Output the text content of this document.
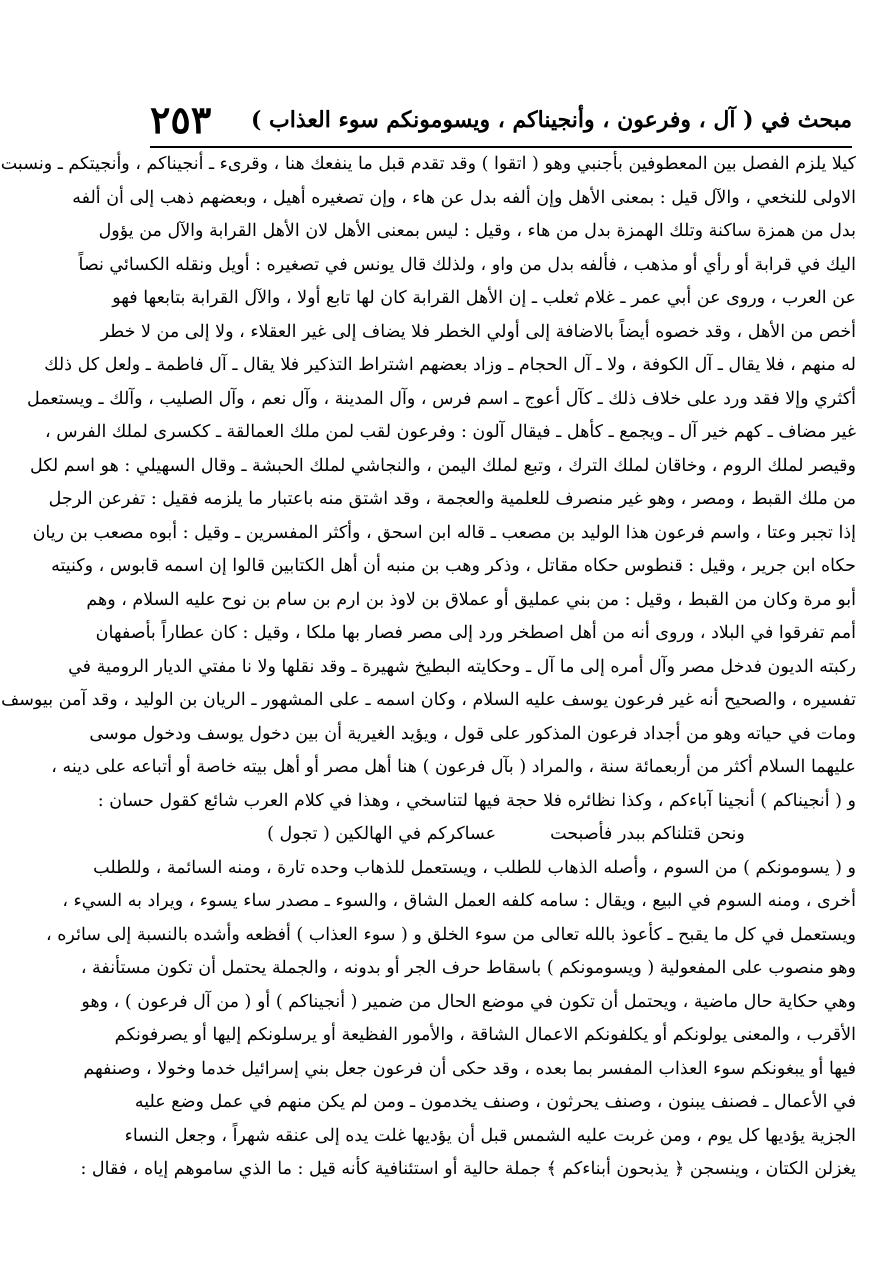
مبحث في ( آل ، وفرعون ، وأنجيناكم ، ويسومونكم سوء العذاب )
٢٥٣
كيلا يلزم الفصل بين المعطوفين بأجنبي وهو ( اتقوا ) وقد تقدم قبل ما ينفعك هنا ، وقرىء ـ أنجيناكم ، وأنجيتكم ـ ونسبت
الاولى للنخعي ، والآل قيل : بمعنى الأهل وإن ألفه بدل عن هاء ، وإن تصغيره أهيل ، وبعضهم ذهب إلى أن ألفه
بدل من همزة ساكنة وتلك الهمزة بدل من هاء ، وقيل : ليس بمعنى الأهل لان الأهل القرابة والآل من يؤول
اليك في قرابة أو رأي أو مذهب ، فألفه بدل من واو ، ولذلك قال يونس في تصغيره : أويل ونقله الكسائي نصاً
عن العرب ، وروى عن أبي عمر ـ غلام ثعلب ـ إن الأهل القرابة كان لها تابع أولا ، والآل القرابة بتابعها فهو
أخص من الأهل ، وقد خصوه أيضاً بالاضافة إلى أولي الخطر فلا يضاف إلى غير العقلاء ، ولا إلى من لا خطر
له منهم ، فلا يقال ـ آل الكوفة ، ولا ـ آل الحجام ـ وزاد بعضهم اشتراط التذكير فلا يقال ـ آل فاطمة ـ ولعل كل ذلك
أكثري وإلا فقد ورد على خلاف ذلك ـ كآل أعوج ـ اسم فرس ، وآل المدينة ، وآل نعم ، وآل الصليب ، وآلك ـ ويستعمل
غير مضاف ـ كهم خير آل ـ ويجمع ـ كأهل ـ فيقال آلون : وفرعون لقب لمن ملك العمالقة ـ ككسرى لملك الفرس ،
وقيصر لملك الروم ، وخاقان لملك الترك ، وتبع لملك اليمن ، والنجاشي لملك الحبشة ـ وقال السهيلي : هو اسم لكل
من ملك القبط ، ومصر ، وهو غير منصرف للعلمية والعجمة ، وقد اشتق منه باعتبار ما يلزمه فقيل : تفرعن الرجل
إذا تجبر وعتا ، واسم فرعون هذا الوليد بن مصعب ـ قاله ابن اسحق ، وأكثر المفسرين ـ وقيل : أبوه مصعب بن ريان
حكاه ابن جرير ، وقيل : قنطوس حكاه مقاتل ، وذكر وهب بن منبه أن أهل الكتابين قالوا إن اسمه قابوس ، وكنيته
أبو مرة وكان من القبط ، وقيل : من بني عمليق أو عملاق بن لاوذ بن ارم بن سام بن نوح عليه السلام ، وهم
أمم تفرقوا في البلاد ، وروى أنه من أهل اصطخر ورد إلى مصر فصار بها ملكا ، وقيل : كان عطاراً بأصفهان
ركبته الديون فدخل مصر وآل أمره إلى ما آل ـ وحكايته البطيخ شهيرة ـ وقد نقلها ولا نا مفتي الديار الرومية في
تفسيره ، والصحيح أنه غير فرعون يوسف عليه السلام ، وكان اسمه ـ على المشهور ـ الريان بن الوليد ، وقد آمن بيوسف
ومات في حياته وهو من أجداد فرعون المذكور على قول ، ويؤيد الغيرية أن بين دخول يوسف ودخول موسى
عليهما السلام أكثر من أربعمائة سنة ، والمراد ( بآل فرعون ) هنا أهل مصر أو أهل بيته خاصة أو أتباعه على دينه ،
و ( أنجيناكم ) أنجينا آباءكم ، وكذا نظائره فلا حجة فيها لتناسخي ، وهذا في كلام العرب شائع كقول حسان :
ونحن قتلناكم ببدر فأصبحت
عساكركم في الهالكين ( تجول )
و ( يسومونكم ) من السوم ، وأصله الذهاب للطلب ، ويستعمل للذهاب وحده تارة ، ومنه السائمة ، وللطلب
أخرى ، ومنه السوم في البيع ، ويقال : سامه كلفه العمل الشاق ، والسوء ـ مصدر ساء يسوء ، ويراد به السيء ،
ويستعمل في كل ما يقبح ـ كأعوذ بالله تعالى من سوء الخلق و ( سوء العذاب ) أفظعه وأشده بالنسبة إلى سائره ،
وهو منصوب على المفعولية ( ويسومونكم ) باسقاط حرف الجر أو بدونه ، والجملة يحتمل أن تكون مستأنفة ،
وهي حكاية حال ماضية ، ويحتمل أن تكون في موضع الحال من ضمير ( أنجيناكم ) أو ( من آل فرعون ) ، وهو
الأقرب ، والمعنى يولونكم أو يكلفونكم الاعمال الشاقة ، والأمور الفظيعة أو يرسلونكم إليها أو يصرفونكم
فيها أو يبغونكم سوء العذاب المفسر بما بعده ، وقد حكى أن فرعون جعل بني إسرائيل خدما وخولا ، وصنفهم
في الأعمال ـ فصنف يبنون ، وصنف يحرثون ، وصنف يخدمون ـ ومن لم يكن منهم في عمل وضع عليه
الجزية يؤديها كل يوم ، ومن غربت عليه الشمس قبل أن يؤديها غلت يده إلى عنقه شهراً ، وجعل النساء
يغزلن الكتان ، وينسجن ﴿ يذبحون أبناءكم ﴾ جملة حالية أو استئنافية كأنه قيل : ما الذي ساموهم إياه ، فقال :
